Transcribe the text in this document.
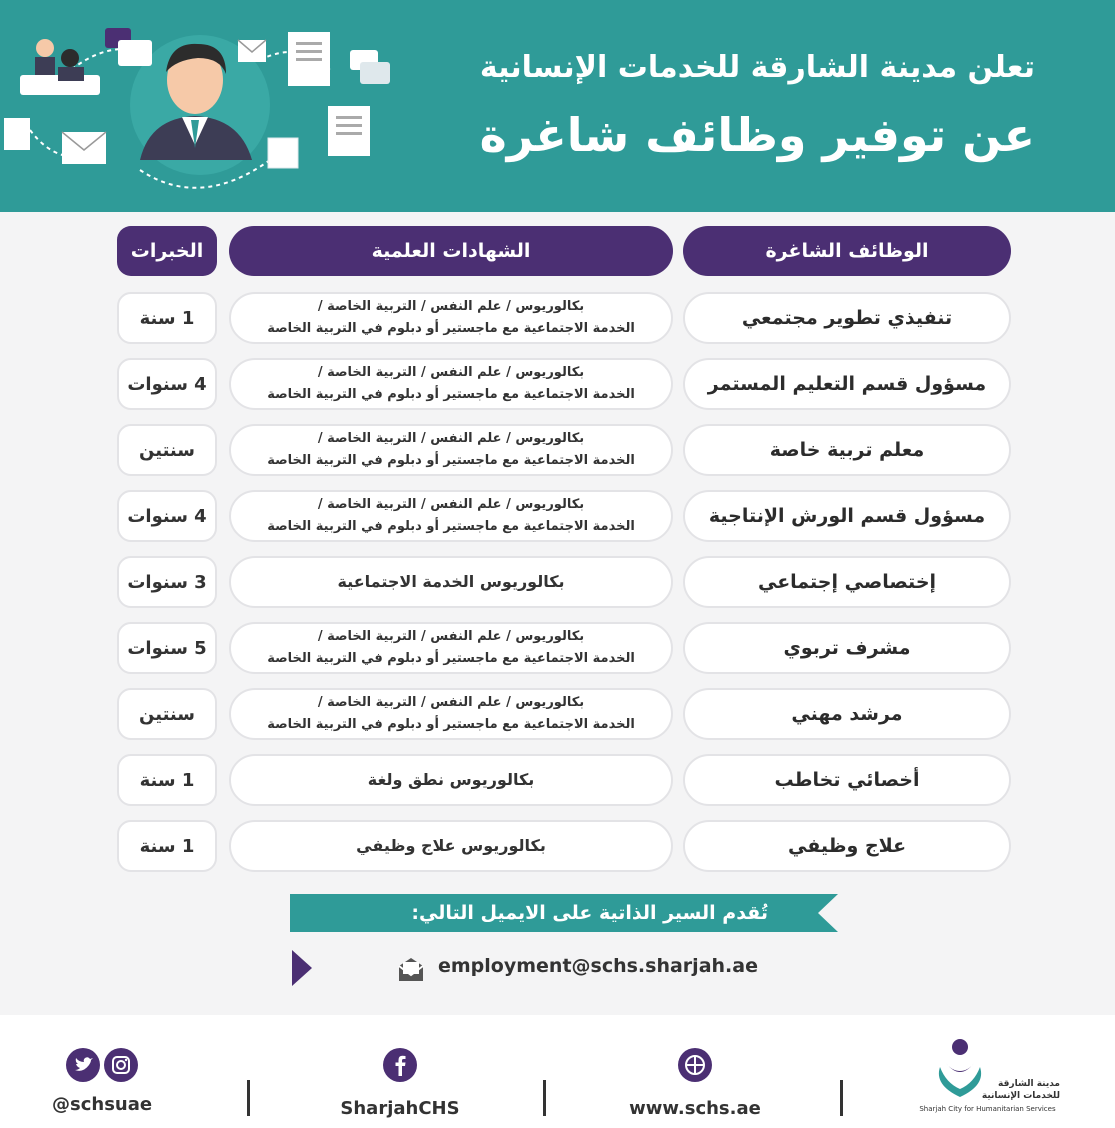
تعلن مدينة الشارقة للخدمات الإنسانية
عن توفير وظائف شاغرة
الوظائف الشاغرة
الشهادات العلمية
الخبرات
تنفيذي تطوير مجتمعي
بكالوريوس / علم النفس / التربية الخاصة /
الخدمة الاجتماعية مع ماجستير أو دبلوم في التربية الخاصة
1 سنة
مسؤول قسم التعليم المستمر
بكالوريوس / علم النفس / التربية الخاصة /
الخدمة الاجتماعية مع ماجستير أو دبلوم في التربية الخاصة
4 سنوات
معلم تربية خاصة
بكالوريوس / علم النفس / التربية الخاصة /
الخدمة الاجتماعية مع ماجستير أو دبلوم في التربية الخاصة
سنتين
مسؤول قسم الورش الإنتاجية
بكالوريوس / علم النفس / التربية الخاصة /
الخدمة الاجتماعية مع ماجستير أو دبلوم في التربية الخاصة
4 سنوات
إختصاصي إجتماعي
بكالوريوس الخدمة الاجتماعية
3 سنوات
مشرف تربوي
بكالوريوس / علم النفس / التربية الخاصة /
الخدمة الاجتماعية مع ماجستير أو دبلوم في التربية الخاصة
5 سنوات
مرشد مهني
بكالوريوس / علم النفس / التربية الخاصة /
الخدمة الاجتماعية مع ماجستير أو دبلوم في التربية الخاصة
سنتين
أخصائي تخاطب
بكالوريوس نطق ولغة
1 سنة
علاج وظيفي
بكالوريوس علاج وظيفي
1 سنة
تُقدم السير الذاتية على الايميل التالي:
employment@schs.sharjah.ae
@schsuae	SharjahCHS	www.schs.ae
مدينة الشارقة
للخدمات الإنسانية
Sharjah City for Humanitarian Services
